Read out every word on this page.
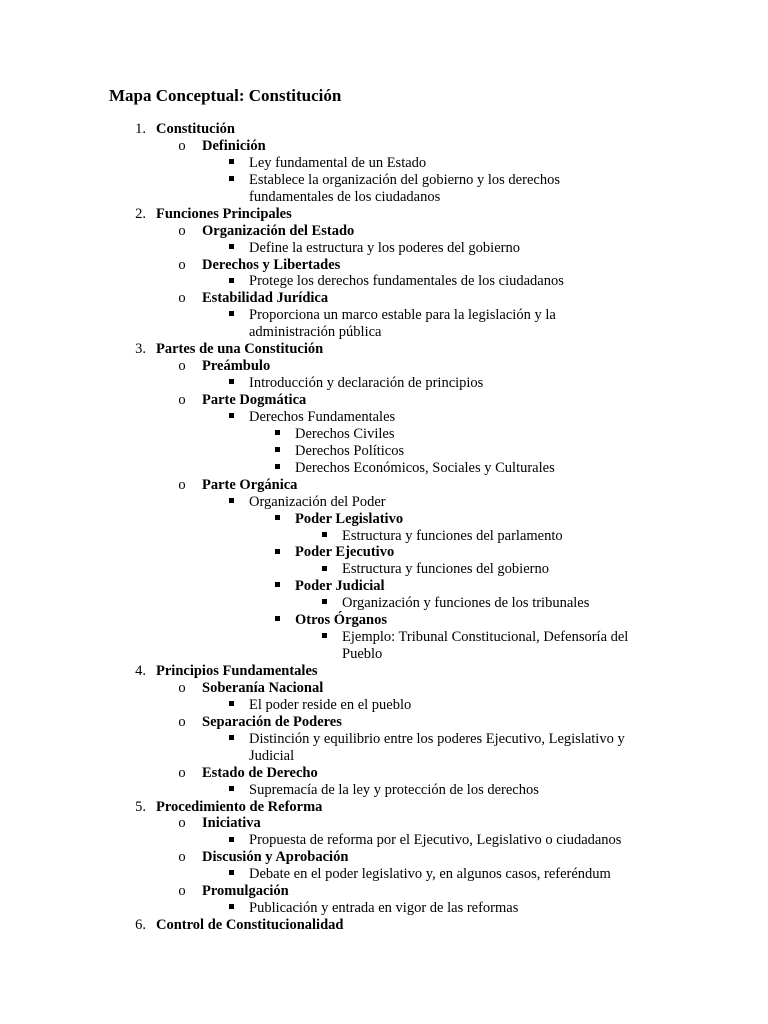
Mapa Conceptual: Constitución
1. Constitución
o Definición
Ley fundamental de un Estado
Establece la organización del gobierno y los derechos
fundamentales de los ciudadanos
2. Funciones Principales
o Organización del Estado
Define la estructura y los poderes del gobierno
o Derechos y Libertades
Protege los derechos fundamentales de los ciudadanos
o Estabilidad Jurídica
Proporciona un marco estable para la legislación y la
administración pública
3. Partes de una Constitución
o Preámbulo
Introducción y declaración de principios
o Parte Dogmática
Derechos Fundamentales
Derechos Civiles
Derechos Políticos
Derechos Económicos, Sociales y Culturales
o Parte Orgánica
Organización del Poder
Poder Legislativo
Estructura y funciones del parlamento
Poder Ejecutivo
Estructura y funciones del gobierno
Poder Judicial
Organización y funciones de los tribunales
Otros Órganos
Ejemplo: Tribunal Constitucional, Defensoría del
Pueblo
4. Principios Fundamentales
o Soberanía Nacional
El poder reside en el pueblo
o Separación de Poderes
Distinción y equilibrio entre los poderes Ejecutivo, Legislativo y
Judicial
o Estado de Derecho
Supremacía de la ley y protección de los derechos
5. Procedimiento de Reforma
o Iniciativa
Propuesta de reforma por el Ejecutivo, Legislativo o ciudadanos
o Discusión y Aprobación
Debate en el poder legislativo y, en algunos casos, referéndum
o Promulgación
Publicación y entrada en vigor de las reformas
6. Control de Constitucionalidad
